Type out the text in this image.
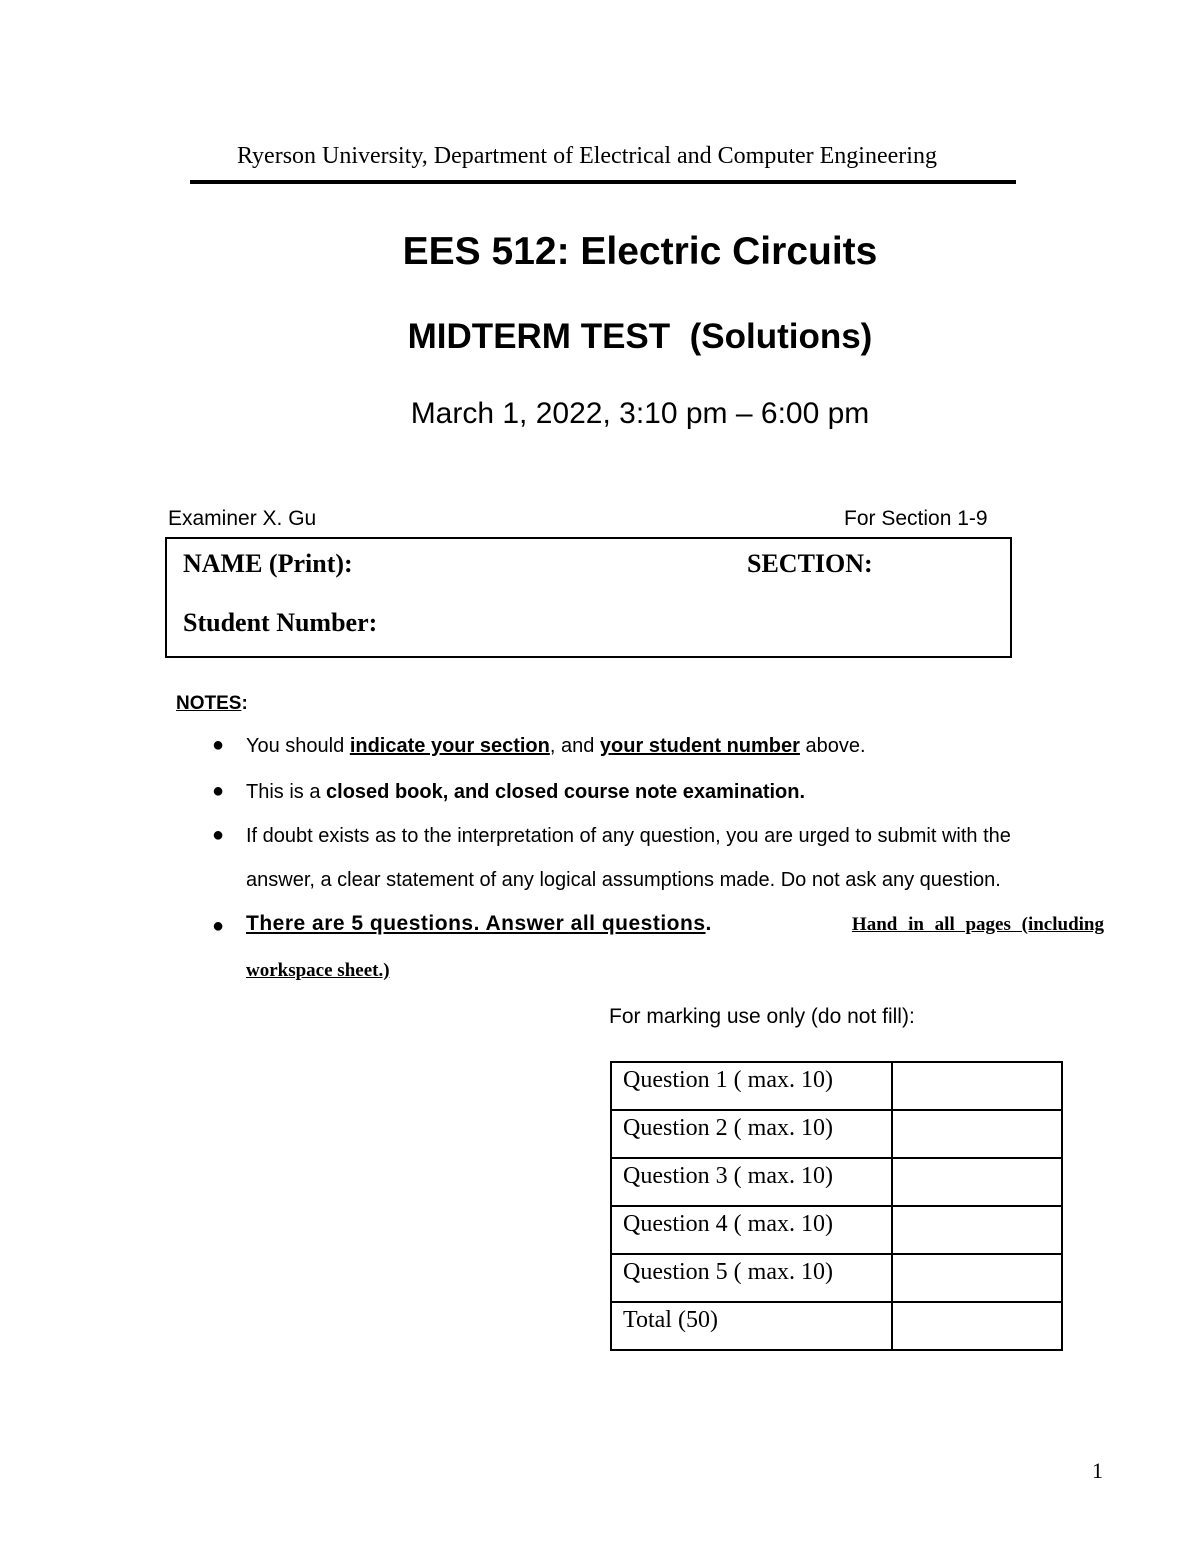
Ryerson University, Department of Electrical and Computer Engineering
EES 512: Electric Circuits
MIDTERM TEST  (Solutions)
March 1, 2022, 3:10 pm – 6:00 pm
Examiner X. Gu	For Section 1-9
NAME (Print):	SECTION:
Student Number:
NOTES:
● You should indicate your section, and your student number above.
● This is a closed book, and closed course note examination.
● If doubt exists as to the interpretation of any question, you are urged to submit with the
answer, a clear statement of any logical assumptions made. Do not ask any question.
● There are 5 questions. Answer all questions.	Hand in all pages (including
workspace sheet.)
For marking use only (do not fill):
Question 1 ( max. 10)	
Question 2 ( max. 10)	
Question 3 ( max. 10)	
Question 4 ( max. 10)	
Question 5 ( max. 10)	
Total (50)	
1
